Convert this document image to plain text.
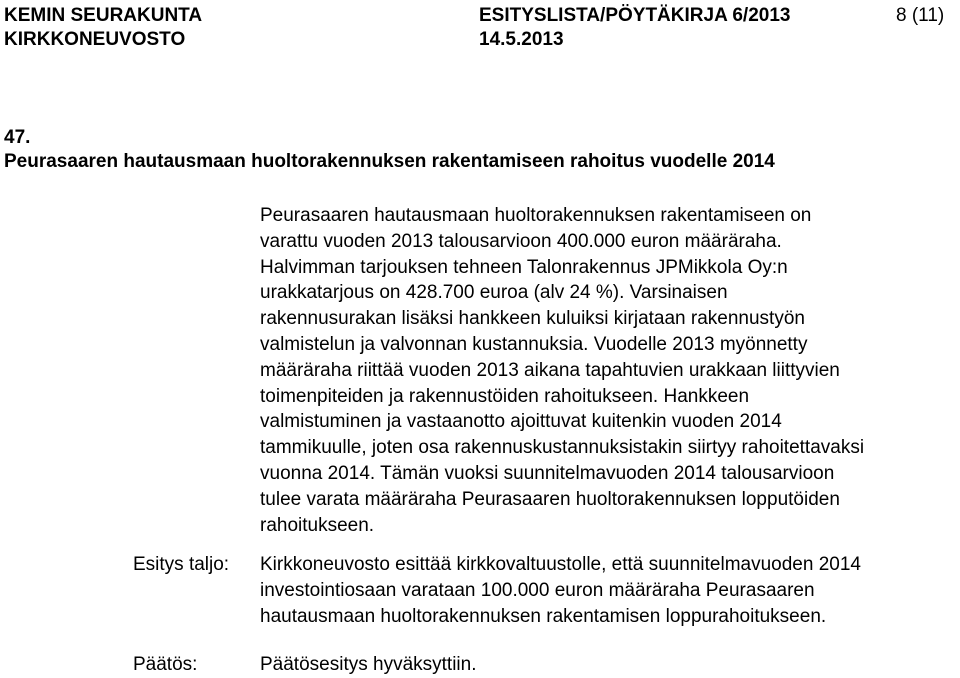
KEMIN SEURAKUNTA
KIRKKONEUVOSTO
ESITYSLISTA/PÖYTÄKIRJA 6/2013
14.5.2013
8 (11)
47.
Peurasaaren hautausmaan huoltorakennuksen rakentamiseen rahoitus vuodelle 2014
Peurasaaren hautausmaan huoltorakennuksen rakentamiseen on
varattu vuoden 2013 talousarvioon 400.000 euron määräraha.
Halvimman tarjouksen tehneen Talonrakennus JPMikkola Oy:n
urakkatarjous on 428.700 euroa (alv 24 %). Varsinaisen
rakennusurakan lisäksi hankkeen kuluiksi kirjataan rakennustyön
valmistelun ja valvonnan kustannuksia. Vuodelle 2013 myönnetty
määräraha riittää vuoden 2013 aikana tapahtuvien urakkaan liittyvien
toimenpiteiden ja rakennustöiden rahoitukseen. Hankkeen
valmistuminen ja vastaanotto ajoittuvat kuitenkin vuoden 2014
tammikuulle, joten osa rakennuskustannuksistakin siirtyy rahoitettavaksi
vuonna 2014. Tämän vuoksi suunnitelmavuoden 2014 talousarvioon
tulee varata määräraha Peurasaaren huoltorakennuksen lopputöiden
rahoitukseen.
Esitys taljo: Kirkkoneuvosto esittää kirkkovaltuustolle, että suunnitelmavuoden 2014
investointiosaan varataan 100.000 euron määräraha Peurasaaren
hautausmaan huoltorakennuksen rakentamisen loppurahoitukseen.
Päätös:	Päätösesitys hyväksyttiin.
